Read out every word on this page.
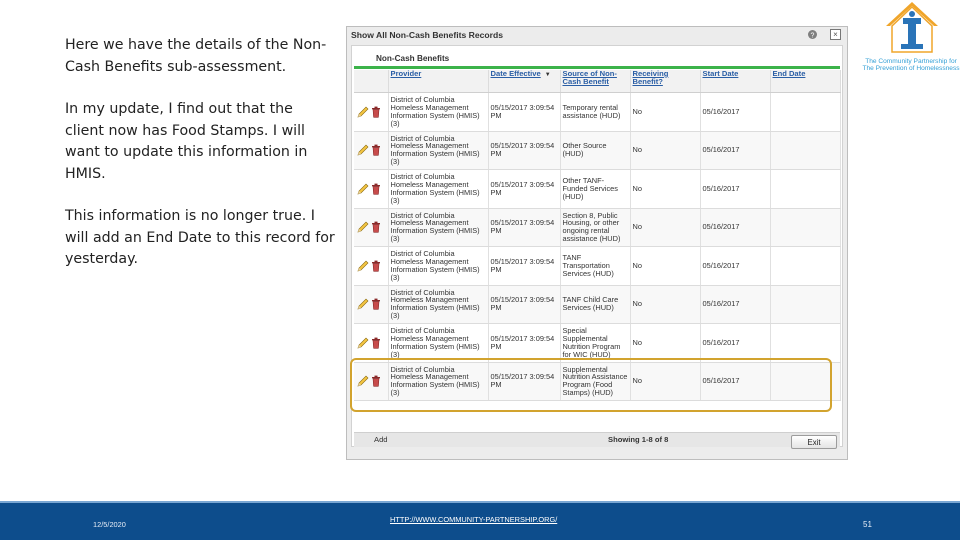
Here we have the details of the Non-Cash Benefits sub-assessment.

In my update, I find out that the client now has Food Stamps. I will want to update this information in HMIS.

This information is no longer true. I will add an End Date to this record for yesterday.

The Community Partnership for The Prevention of Homelessness
Show All Non-Cash Benefits Records	?	×
Non-Cash Benefits
	Provider	Date Effective ▼	Source of Non-Cash Benefit	Receiving Benefit?	Start Date	End Date

	District of Columbia Homeless Management Information System (HMIS) (3)	05/15/2017 3:09:54 PM	Temporary rental assistance (HUD)	No	05/16/2017	

	District of Columbia Homeless Management Information System (HMIS) (3)	05/15/2017 3:09:54 PM	Other Source (HUD)	No	05/16/2017	

	District of Columbia Homeless Management Information System (HMIS) (3)	05/15/2017 3:09:54 PM	Other TANF-Funded Services (HUD)	No	05/16/2017	

	District of Columbia Homeless Management Information System (HMIS) (3)	05/15/2017 3:09:54 PM	Section 8, Public Housing, or other ongoing rental assistance (HUD)	No	05/16/2017	

	District of Columbia Homeless Management Information System (HMIS) (3)	05/15/2017 3:09:54 PM	TANF Transportation Services (HUD)	No	05/16/2017	

	District of Columbia Homeless Management Information System (HMIS) (3)	05/15/2017 3:09:54 PM	TANF Child Care Services (HUD)	No	05/16/2017	

	District of Columbia Homeless Management Information System (HMIS) (3)	05/15/2017 3:09:54 PM	Special Supplemental Nutrition Program for WIC (HUD)	No	05/16/2017	

	District of Columbia Homeless Management Information System (HMIS) (3)	05/15/2017 3:09:54 PM	Supplemental Nutrition Assistance Program (Food Stamps) (HUD)	No	05/16/2017	
Add	Showing 1-8 of 8	Exit
12/5/2020
HTTP://WWW.COMMUNITY-PARTNERSHIP.ORG/
51
